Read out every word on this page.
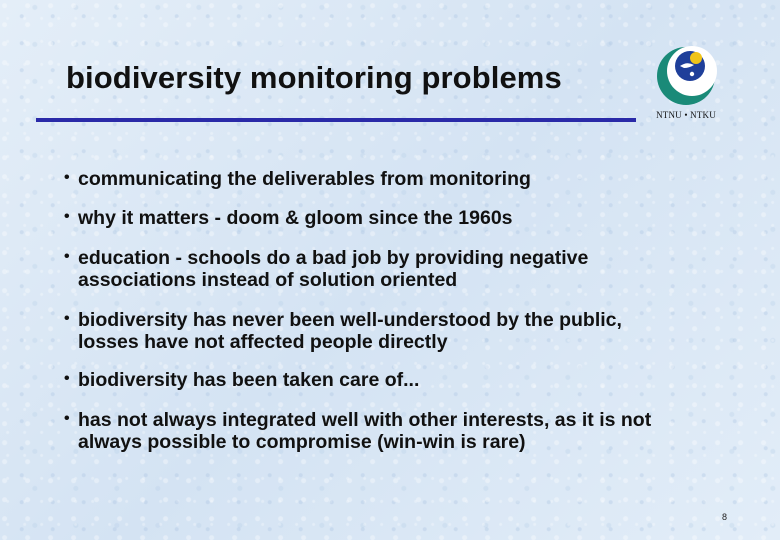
biodiversity monitoring problems
NTNU • NTKU
• communicating the deliverables from monitoring
• why it matters - doom & gloom since the 1960s
• education - schools do a bad job by providing negative associations instead of solution oriented
• biodiversity has never been well-understood by the public, losses have not affected people directly
• biodiversity has been taken care of...
• has not always integrated well with other interests, as it is not always possible to compromise (win-win is rare)
8
